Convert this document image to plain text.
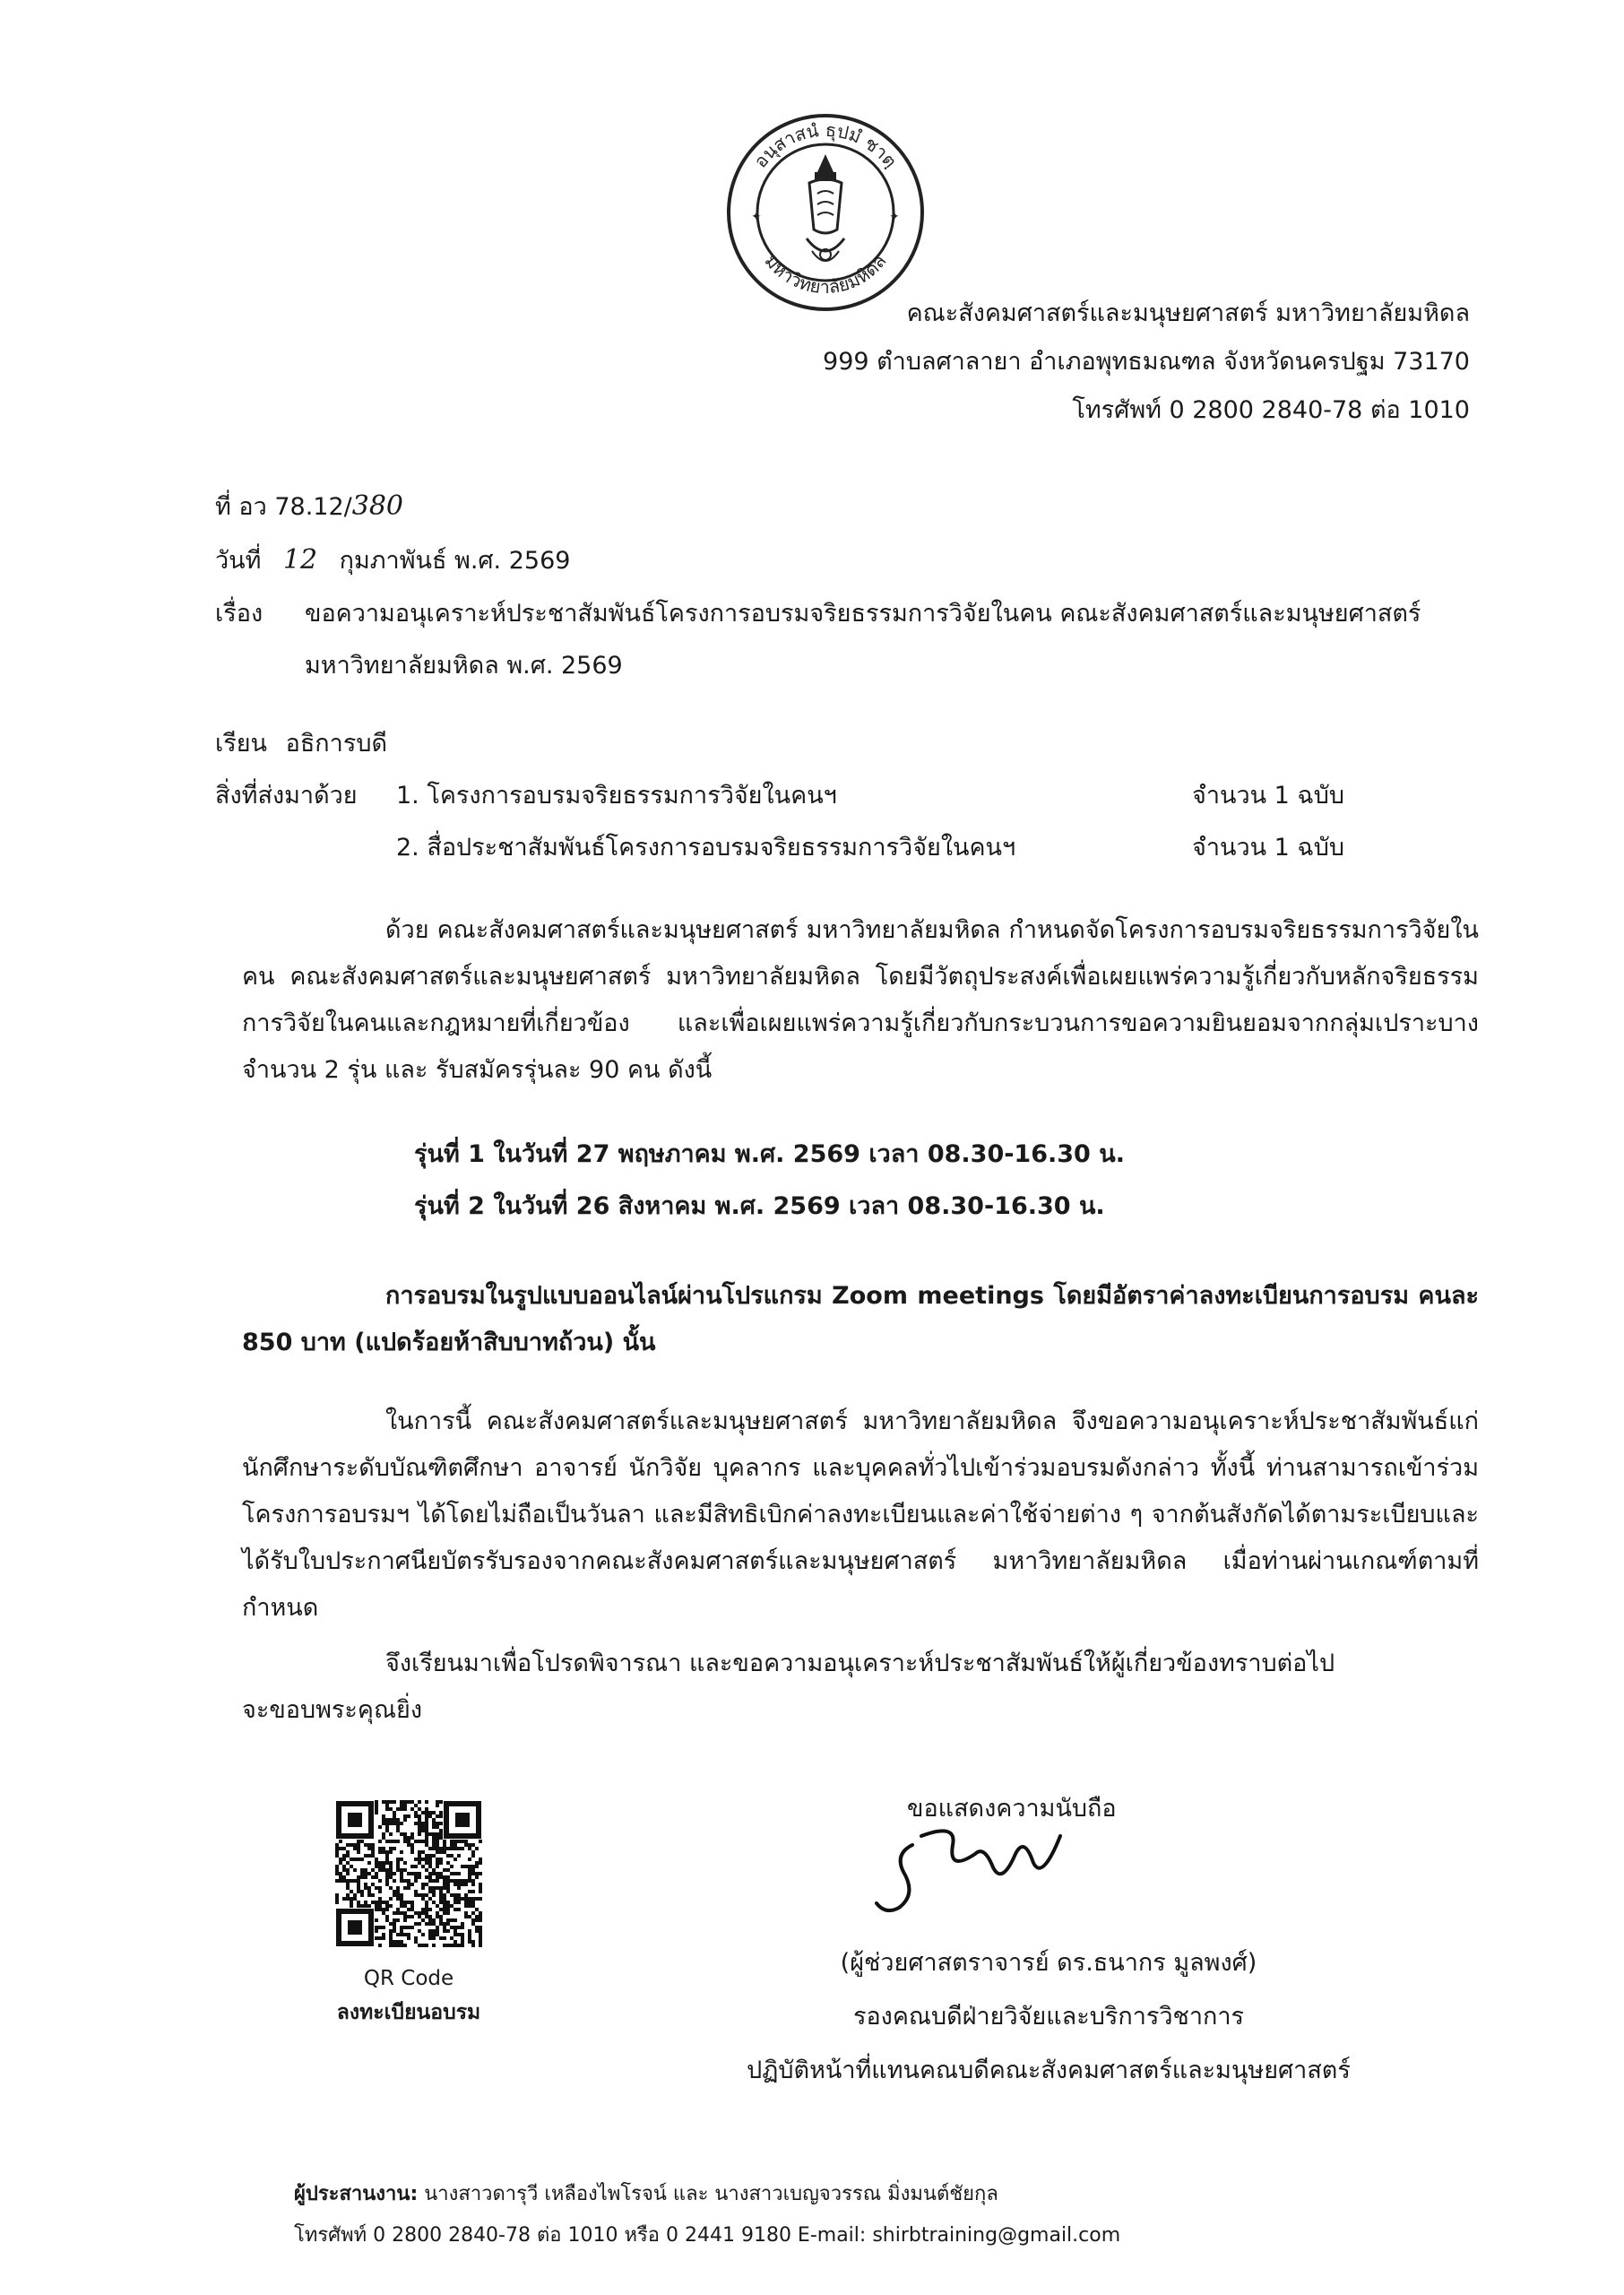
อนุสาสนํ ธุปมํ ชาตฺ
มหาวิทยาลัยมหิดล
✦	✦
คณะสังคมศาสตร์และมนุษยศาสตร์ มหาวิทยาลัยมหิดล
999 ตำบลศาลายา อำเภอพุทธมณฑล จังหวัดนครปฐม 73170
โทรศัพท์ 0 2800 2840-78 ต่อ 1010
ที่ อว 78.12/380
วันที่ 12 กุมภาพันธ์ พ.ศ. 2569
เรื่อง	ขอความอนุเคราะห์ประชาสัมพันธ์โครงการอบรมจริยธรรมการวิจัยในคน คณะสังคมศาสตร์และมนุษยศาสตร์
มหาวิทยาลัยมหิดล พ.ศ. 2569
เรียน อธิการบดี
สิ่งที่ส่งมาด้วย 1. โครงการอบรมจริยธรรมการวิจัยในคนฯ	จำนวน 1 ฉบับ
2. สื่อประชาสัมพันธ์โครงการอบรมจริยธรรมการวิจัยในคนฯ	จำนวน 1 ฉบับ
ด้วย คณะสังคมศาสตร์และมนุษยศาสตร์ มหาวิทยาลัยมหิดล กำหนดจัดโครงการอบรมจริยธรรมการวิจัยในคน คณะสังคมศาสตร์และมนุษยศาสตร์ มหาวิทยาลัยมหิดล โดยมีวัตถุประสงค์เพื่อเผยแพร่ความรู้เกี่ยวกับหลักจริยธรรมการวิจัยในคนและกฎหมายที่เกี่ยวข้อง และเพื่อเผยแพร่ความรู้เกี่ยวกับกระบวนการขอความยินยอมจากกลุ่มเปราะบาง จำนวน 2 รุ่น และ รับสมัครรุ่นละ 90 คน ดังนี้
รุ่นที่ 1 ในวันที่ 27 พฤษภาคม พ.ศ. 2569 เวลา 08.30-16.30 น.
รุ่นที่ 2 ในวันที่ 26 สิงหาคม พ.ศ. 2569 เวลา 08.30-16.30 น.
การอบรมในรูปแบบออนไลน์ผ่านโปรแกรม Zoom meetings โดยมีอัตราค่าลงทะเบียนการอบรม คนละ 850 บาท (แปดร้อยห้าสิบบาทถ้วน) นั้น
ในการนี้ คณะสังคมศาสตร์และมนุษยศาสตร์ มหาวิทยาลัยมหิดล จึงขอความอนุเคราะห์ประชาสัมพันธ์แก่นักศึกษาระดับบัณฑิตศึกษา อาจารย์ นักวิจัย บุคลากร และบุคคลทั่วไปเข้าร่วมอบรมดังกล่าว ทั้งนี้ ท่านสามารถเข้าร่วมโครงการอบรมฯ ได้โดยไม่ถือเป็นวันลา และมีสิทธิเบิกค่าลงทะเบียนและค่าใช้จ่ายต่าง ๆ จากต้นสังกัดได้ตามระเบียบและได้รับใบประกาศนียบัตรรับรองจากคณะสังคมศาสตร์และมนุษยศาสตร์ มหาวิทยาลัยมหิดล เมื่อท่านผ่านเกณฑ์ตามที่กำหนด
จึงเรียนมาเพื่อโปรดพิจารณา และขอความอนุเคราะห์ประชาสัมพันธ์ให้ผู้เกี่ยวข้องทราบต่อไป
จะขอบพระคุณยิ่ง
QR Code
ลงทะเบียนอบรม
ขอแสดงความนับถือ
(ผู้ช่วยศาสตราจารย์ ดร.ธนากร มูลพงศ์)
รองคณบดีฝ่ายวิจัยและบริการวิชาการ
ปฏิบัติหน้าที่แทนคณบดีคณะสังคมศาสตร์และมนุษยศาสตร์
ผู้ประสานงาน: นางสาวดารุวี เหลืองไพโรจน์ และ นางสาวเบญจวรรณ มิ่งมนต์ชัยกุล
โทรศัพท์ 0 2800 2840-78 ต่อ 1010 หรือ 0 2441 9180 E-mail: shirbtraining@gmail.com
